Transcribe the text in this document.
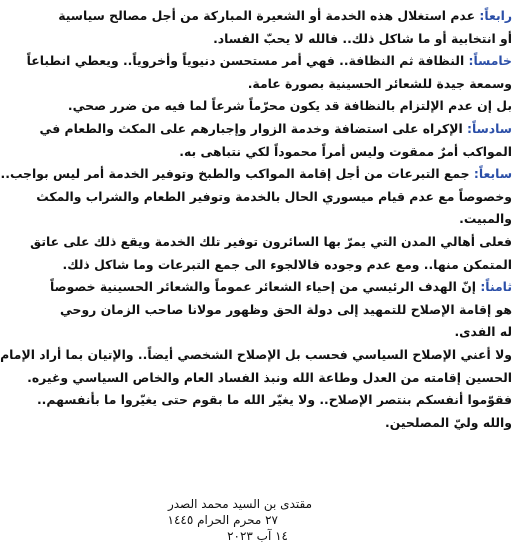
رابعاً: عدم استغلال هذه الخدمة أو الشعيرة المباركة من أجل مصالح سياسية
أو انتخابية أو ما شاكل ذلك.. فالله لا يحبّ الفساد.
خامساً: النظافة ثم النظافة.. فهي أمر مستحسن دنيوياً وأخروياً.. ويعطي انطباعاً
وسمعة جيدة للشعائر الحسينية بصورة عامة.
بل إن عدم الإلتزام بالنظافة قد يكون محرّماً شرعاً لما فيه من ضرر صحي.
سادساً: الإكراه على استضافة وخدمة الزوار وإجبارهم على المكث والطعام في
المواكب أمرٌ ممقوت وليس أمراً محموداً لكي نتباهى به.
سابعاً: جمع التبرعات من أجل إقامة المواكب والطبخ وتوفير الخدمة أمر ليس بواجب..
وخصوصاً مع عدم قيام ميسوري الحال بالخدمة وتوفير الطعام والشراب والمكث
والمبيت.
فعلى أهالي المدن التي يمرّ بها السائرون توفير تلك الخدمة ويقع ذلك على عاتق
المتمكن منها.. ومع عدم وجوده فالالجوء الى جمع التبرعات وما شاكل ذلك.
ثامناً: إنّ الهدف الرئيسي من إحياء الشعائر عموماً والشعائر الحسينية خصوصاً
هو إقامة الإصلاح للتمهيد إلى دولة الحق وظهور مولانا صاحب الزمان روحي
له الفدى.
ولا أعني الإصلاح السياسي فحسب بل الإصلاح الشخصي أيضاً.. والإتيان بما أراد الإمام
الحسين إقامته من العدل وطاعة الله ونبذ الفساد العام والخاص السياسي وغيره.
فقوّموا أنفسكم بنتصر الإصلاح.. ولا يغيّر الله ما بقوم حتى يغيّروا ما بأنفسهم..
والله وليّ المصلحين.
مقتدى بن السيد محمد الصدر
٢٧ محرم الحرام ١٤٤٥
١٤ آب ٢٠٢٣
